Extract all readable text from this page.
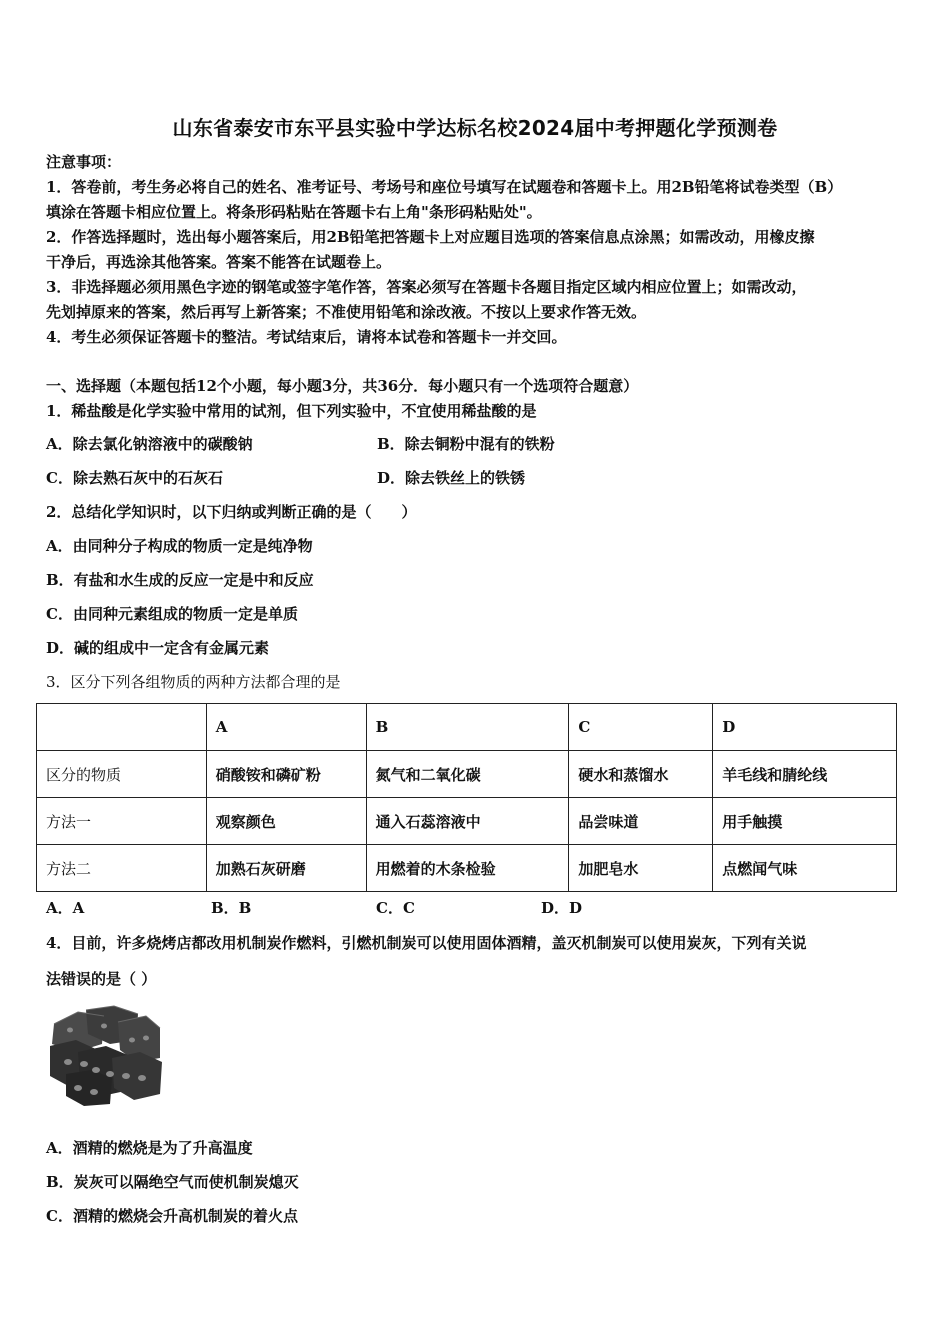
山东省泰安市东平县实验中学达标名校2024届中考押题化学预测卷
注意事项：
1．答卷前，考生务必将自己的姓名、准考证号、考场号和座位号填写在试题卷和答题卡上。用2B铅笔将试卷类型（B）
填涂在答题卡相应位置上。将条形码粘贴在答题卡右上角"条形码粘贴处"。
2．作答选择题时，选出每小题答案后，用2B铅笔把答题卡上对应题目选项的答案信息点涂黑；如需改动，用橡皮擦
干净后，再选涂其他答案。答案不能答在试题卷上。
3．非选择题必须用黑色字迹的钢笔或签字笔作答，答案必须写在答题卡各题目指定区域内相应位置上；如需改动，
先划掉原来的答案，然后再写上新答案；不准使用铅笔和涂改液。不按以上要求作答无效。
4．考生必须保证答题卡的整洁。考试结束后，请将本试卷和答题卡一并交回。
一、选择题（本题包括12个小题，每小题3分，共36分．每小题只有一个选项符合题意）
1．稀盐酸是化学实验中常用的试剂，但下列实验中，不宜使用稀盐酸的是
A．除去氯化钠溶液中的碳酸钠	B．除去铜粉中混有的铁粉
C．除去熟石灰中的石灰石	D．除去铁丝上的铁锈
2．总结化学知识时，以下归纳或判断正确的是（　　）
A．由同种分子构成的物质一定是纯净物
B．有盐和水生成的反应一定是中和反应
C．由同种元素组成的物质一定是单质
D．碱的组成中一定含有金属元素
3．区分下列各组物质的两种方法都合理的是
	A	B	C	D
区分的物质	硝酸铵和磷矿粉	氮气和二氧化碳	硬水和蒸馏水	羊毛线和腈纶线
方法一	观察颜色	通入石蕊溶液中	品尝味道	用手触摸
方法二	加熟石灰研磨	用燃着的木条检验	加肥皂水	点燃闻气味
A．A	B．B	C．C	D．D
4．目前，许多烧烤店都改用机制炭作燃料，引燃机制炭可以使用固体酒精，盖灭机制炭可以使用炭灰，下列有关说
法错误的是（ ）
A．酒精的燃烧是为了升高温度
B．炭灰可以隔绝空气而使机制炭熄灭
C．酒精的燃烧会升高机制炭的着火点
